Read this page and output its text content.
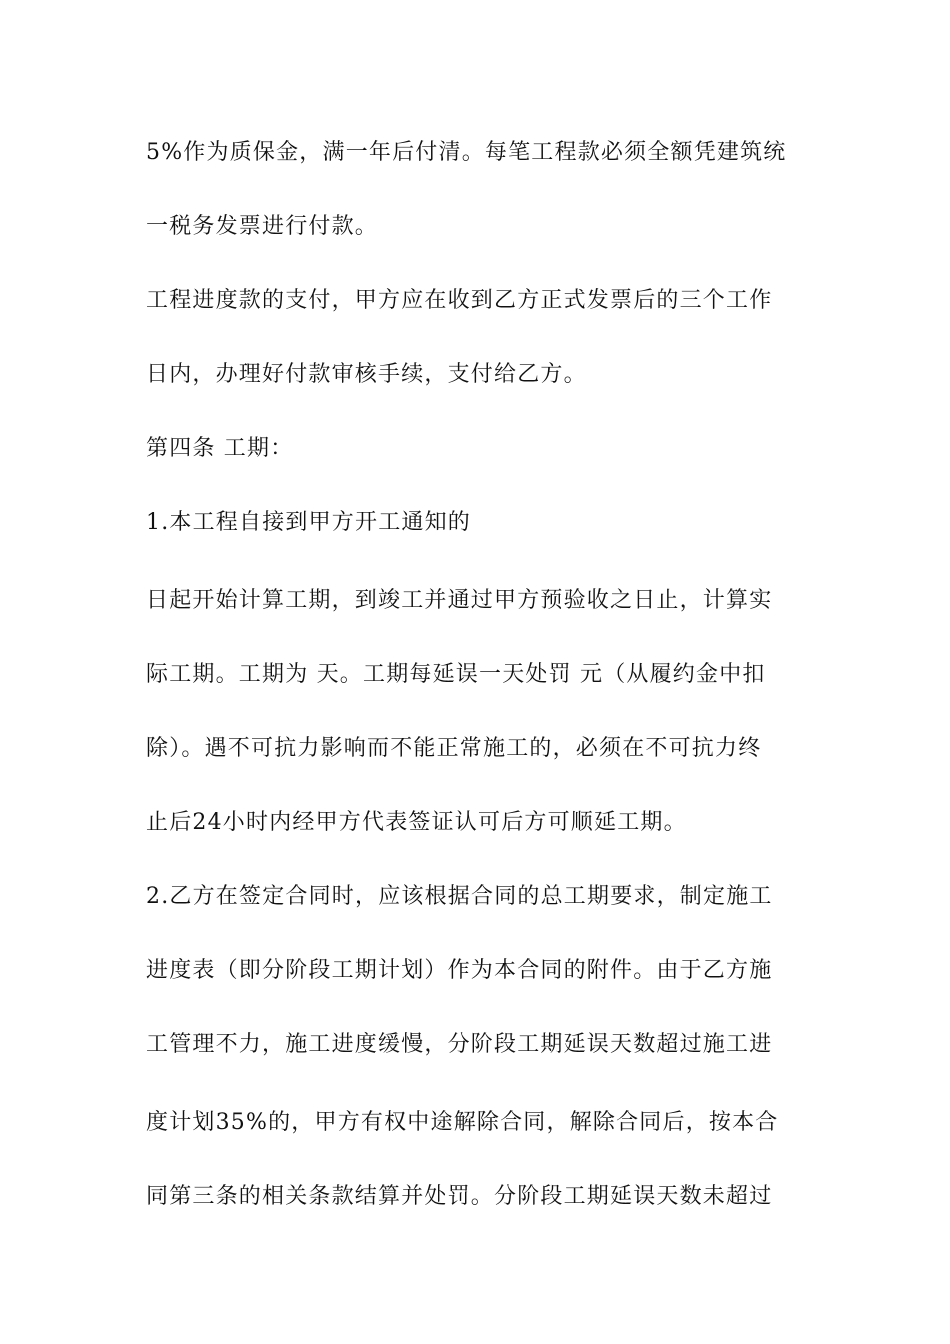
5%作为质保金，满一年后付清。每笔工程款必须全额凭建筑统
一税务发票进行付款。
工程进度款的支付，甲方应在收到乙方正式发票后的三个工作
日内，办理好付款审核手续，支付给乙方。
第四条 工期：
1.本工程自接到甲方开工通知的
日起开始计算工期，到竣工并通过甲方预验收之日止，计算实
际工期。工期为 天。工期每延误一天处罚 元（从履约金中扣
除）。遇不可抗力影响而不能正常施工的，必须在不可抗力终
止后24小时内经甲方代表签证认可后方可顺延工期。
2.乙方在签定合同时，应该根据合同的总工期要求，制定施工
进度表（即分阶段工期计划）作为本合同的附件。由于乙方施
工管理不力，施工进度缓慢，分阶段工期延误天数超过施工进
度计划35%的，甲方有权中途解除合同，解除合同后，按本合
同第三条的相关条款结算并处罚。分阶段工期延误天数未超过
